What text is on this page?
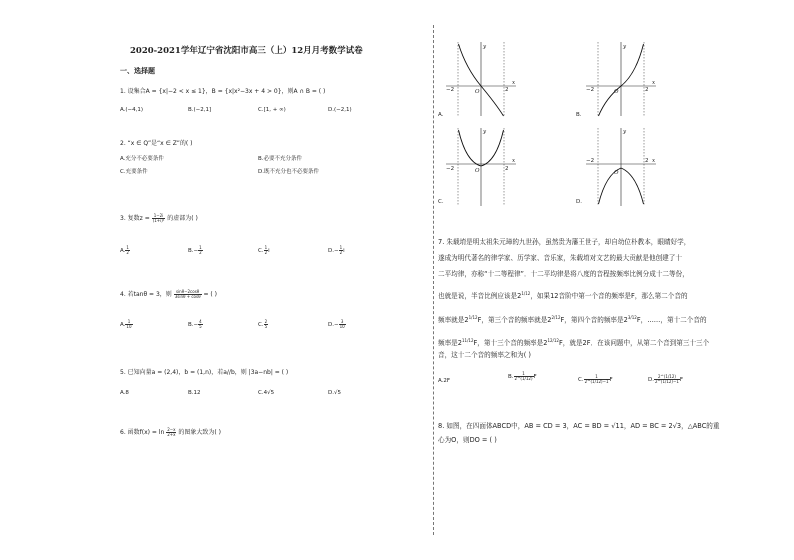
2020-2021学年辽宁省沈阳市高三（上）12月月考数学试卷
一、选择题
1. 设集合A = {x|−2 < x ≤ 1}，B = {x|x²−3x + 4 > 0}，则A ∩ B = ( )
A.(−4,1)	B.(−2,1]	C.[1, + ∞)	D.(−2,1)
2. “x ∈ Q”是“x ∈ Z”的( )
A.充分不必要条件	B.必要不充分条件
C.充要条件	D.既不充分也不必要条件
3. 复数$z = \frac{1-2i}{\text{(1+i)²}}$ 的虚部为( )
A. $\frac{1}{2}$	$B.- \frac{1}{2}$	C. $\frac{1}{2}$ i	$D.- \frac{1}{2}$ i
4. 若tanθ = 3，则 $\frac{\sin\theta-2\cos\theta}{3\sin\theta + \cos\theta}$ = ( )
A. $\frac{1}{10}$	$B.- \frac{4}{5}$	C. $\frac{2}{5}$	$D.- \frac{3}{10}$
5. 已知向量a = (2,4)，b = (1,n)，若a//b，则 |3a−nb| = ( )
A.8	B.12	C.4√5	D.√5
6. 函数$f(x) = \ln \frac{2-x}{2+x}$ 的图象大致为( )
−2	2
O
x
y
A.
−2	2
O
x
y
B.
−2	2
O
x
y
C.
−2	2
O
x
y
D.
7. 朱载堉是明太祖朱元璋的九世孙，虽然贵为藩王世子，却自幼位朴教本，眼睛好学，
遂成为明代著名的律学家、历学家、音乐家，朱载堉对文艺的最大贡献是他创建了十
二平均律，亦称“十二等程律”．十二平均律是将八度的音程按频率比例分成十二等份，
也就是说，半音比例应该是$2^{1/12}$，如果12音阶中第一个音的频率是F，那么第二个音的
频率就是$2^{1/12}F$，第三个音的频率就是$2^{2/12}F$，第四个音的频率是$2^{3/12}F$，……，第十二个音的
频率是$2^{11/12}F$，第十三个音的频率是$2^{12/12}F$，就是2F．在该问题中，从第二个音到第三十三个
音，这十二个音的频率之和为( )
A.2F
B. $\frac{1}{2\^{}(1/12)}$ F	C. $\frac{1}{2\^{}(1/12)-1}$ F	D. $\frac{2\^{}(1/12)}{2\^{}(1/12)-1}$ F
8. 如图，在四面体ABCD中，AB = CD = 3，AC = BD = √11，AD = BC = 2√3，△ABC的重
心为O，则DO = ( )
